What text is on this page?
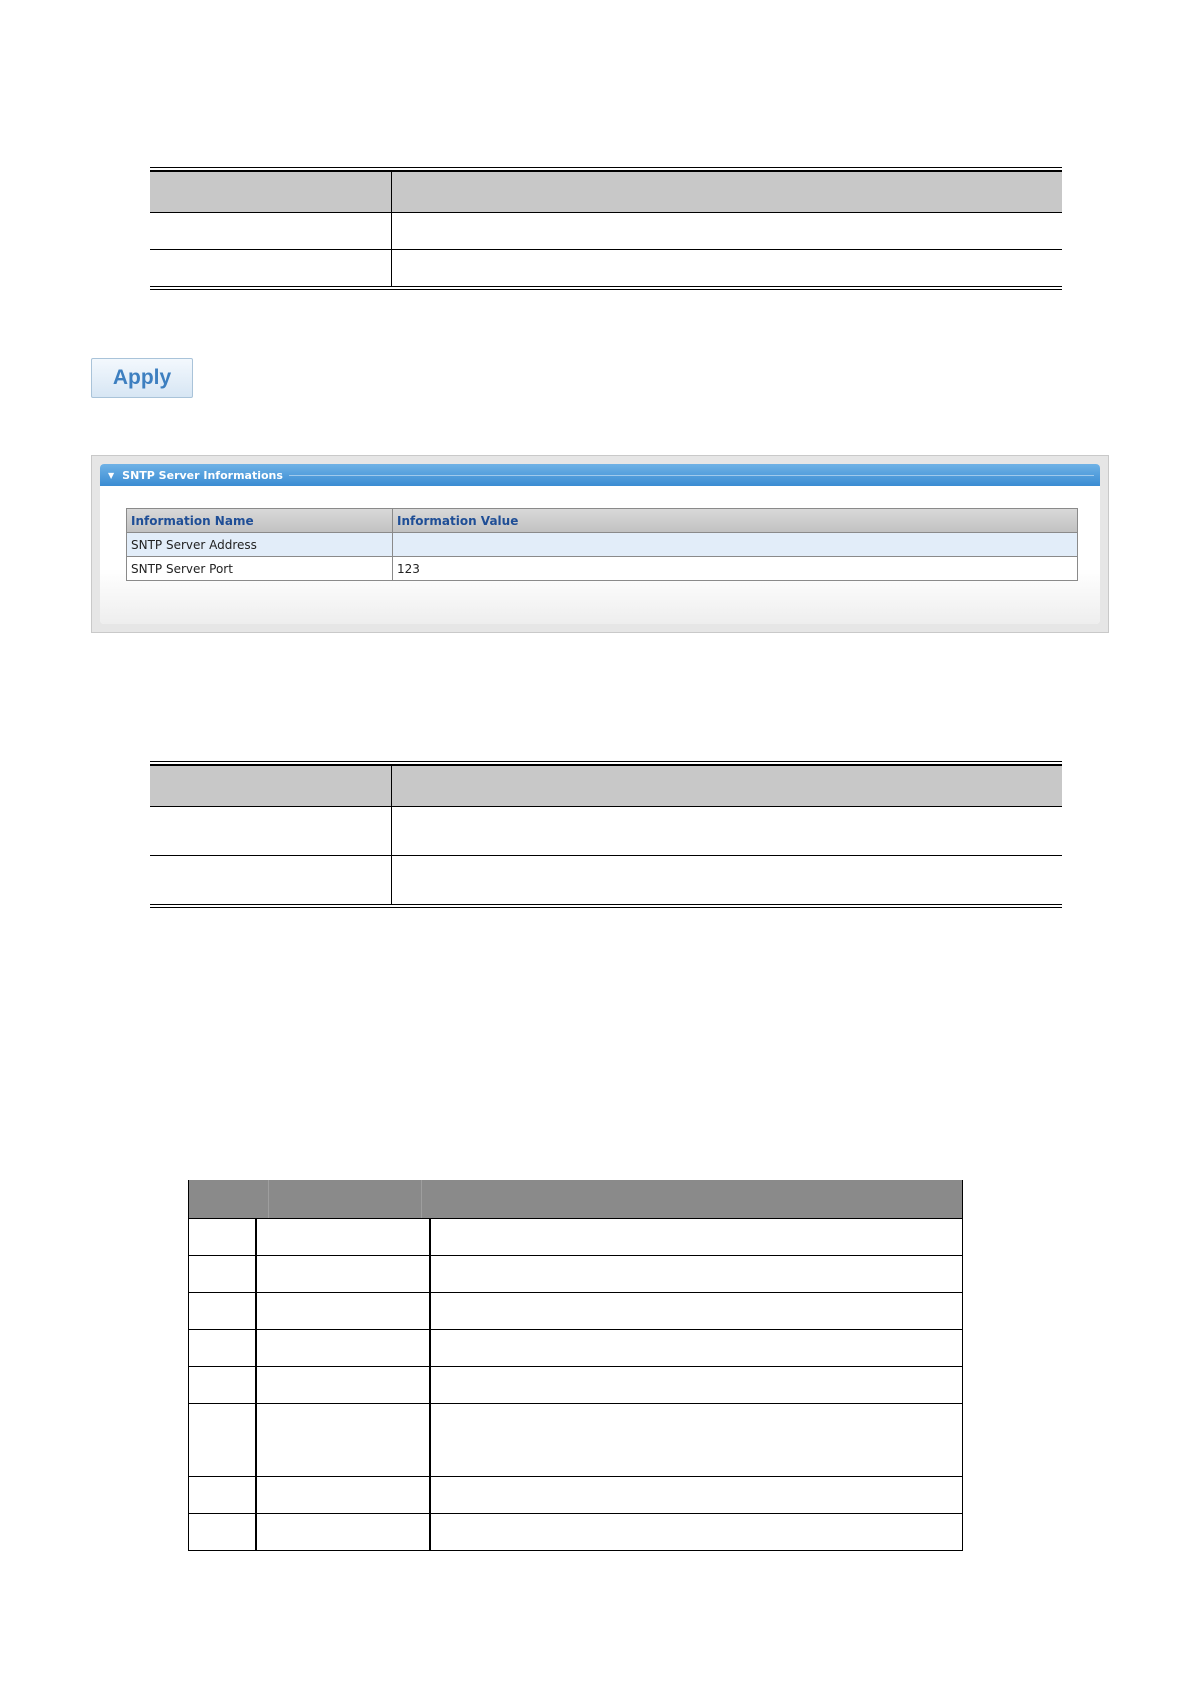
Apply
▼ SNTP Server Informations
Information Name	Information Value
SNTP Server Address
SNTP Server Port	123
